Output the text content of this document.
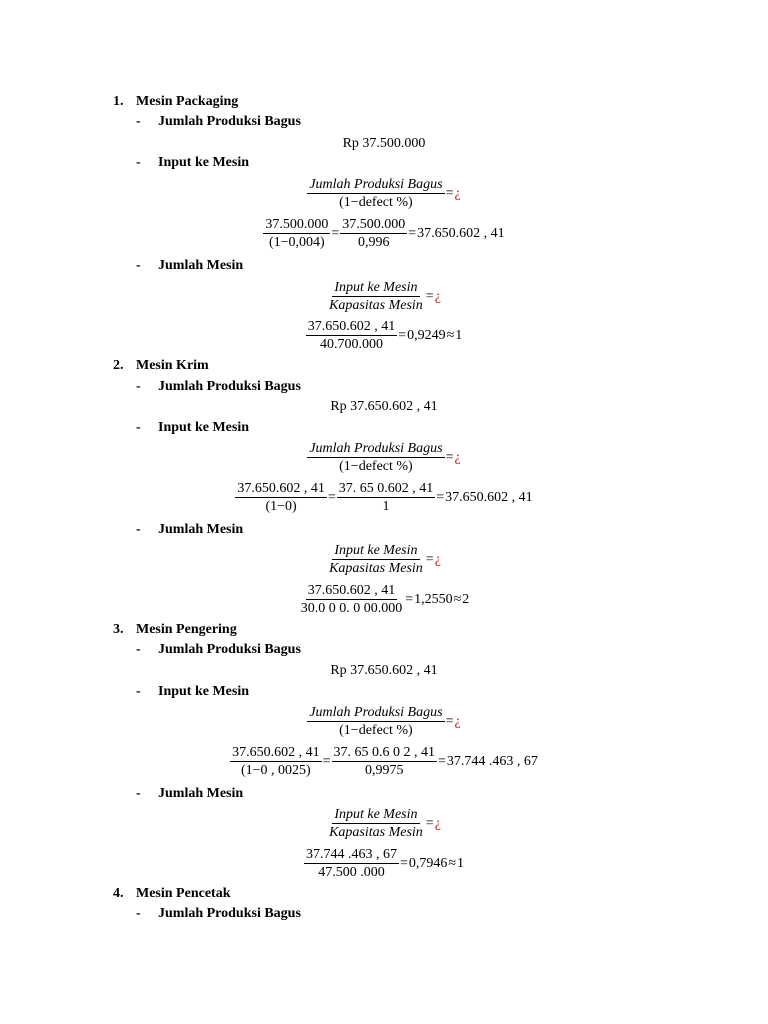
1. Mesin Packaging
- Jumlah Produksi Bagus
Rp 37.500.000
- Input ke Mesin
$\frac{\text{Jumlah Produksi Bagus}}{\text{(1−defect \%)}}$ = ¿
$\frac{37.500.000}{(1-0,004)} = \frac{37.500.000}{0,996} = 37.650.602$ , 41
- Jumlah Mesin
$\frac{\text{Input ke Mesin}}{\text{Kapasitas Mesin}}$ = ¿
$\frac{37.650.602 , 41}{40.700.000} = 0,9249 \approx 1$
2. Mesin Krim
- Jumlah Produksi Bagus
Rp 37.650.602 , 41
- Input ke Mesin
$\frac{\text{Jumlah Produksi Bagus}}{\text{(1−defect \%)}}$ = ¿
$\frac{37.650.602 , 41}{(1-0)} = \frac{37. 65 0.602 , 41}{1} = 37.650.602$ , 41
- Jumlah Mesin
$\frac{\text{Input ke Mesin}}{\text{Kapasitas Mesin}}$ = ¿
$\frac{37.650.602 , 41}{30.0 0 0. 0 00.000} = 1,2550 \approx 2$
3. Mesin Pengering
- Jumlah Produksi Bagus
Rp 37.650.602 , 41
- Input ke Mesin
$\frac{\text{Jumlah Produksi Bagus}}{\text{(1−defect \%)}}$ = ¿
$\frac{37.650.602 , 41}{(1-0 , 0025)} = \frac{37. 65 0.6 0 2 , 41}{0,9975} = 37.744$ .463 , 67
- Jumlah Mesin
$\frac{\text{Input ke Mesin}}{\text{Kapasitas Mesin}}$ = ¿
$\frac{37.744 .463 , 67}{47.500 .000} = 0,7946 \approx 1$
4. Mesin Pencetak
- Jumlah Produksi Bagus
